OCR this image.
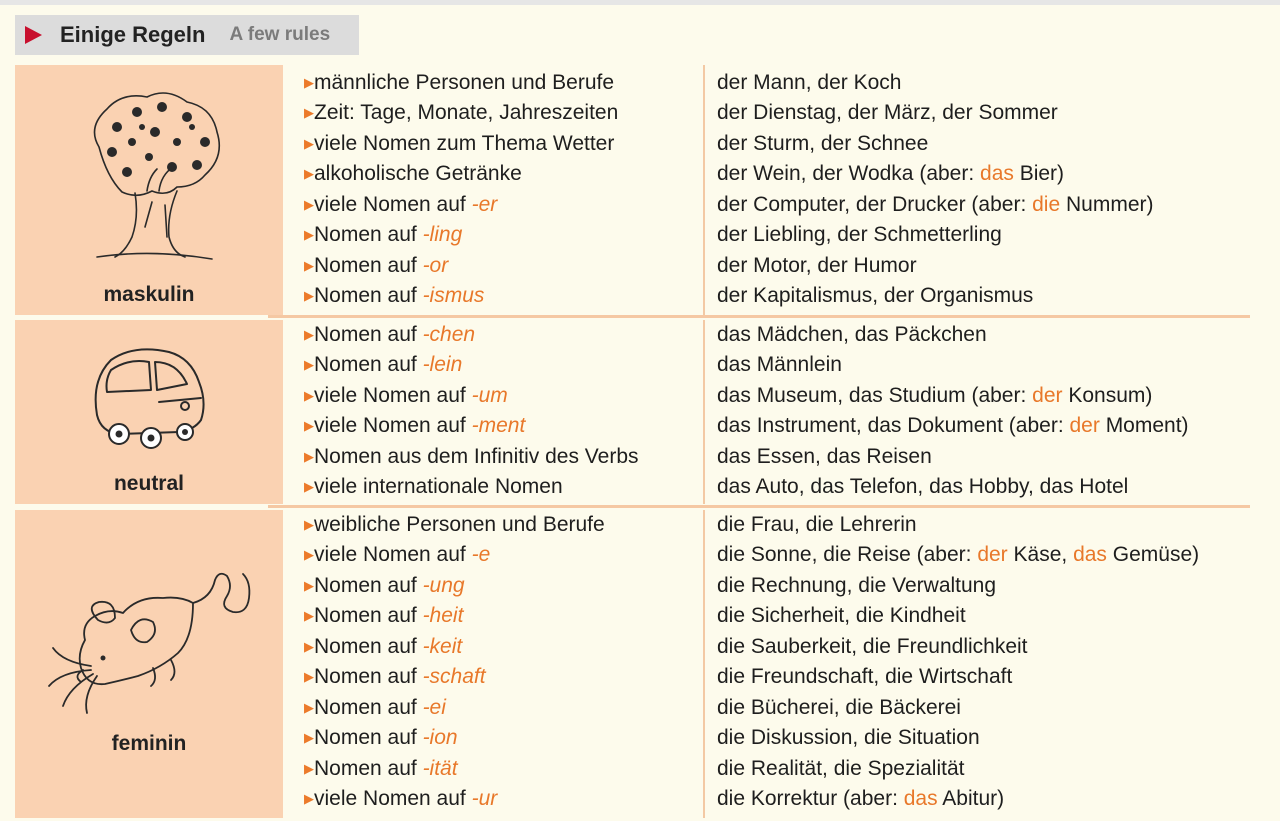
Einige Regeln A few rules
maskulin
▶ männliche Personen und Berufe	der Mann, der Koch
▶ Zeit: Tage, Monate, Jahreszeiten	der Dienstag, der März, der Sommer
▶ viele Nomen zum Thema Wetter	der Sturm, der Schnee
▶ alkoholische Getränke	der Wein, der Wodka (aber: das Bier)
▶ viele Nomen auf -er	der Computer, der Drucker (aber: die Nummer)
▶ Nomen auf -ling	der Liebling, der Schmetterling
▶ Nomen auf -or	der Motor, der Humor
▶ Nomen auf -ismus	der Kapitalismus, der Organismus
neutral
▶ Nomen auf -chen	das Mädchen, das Päckchen
▶ Nomen auf -lein	das Männlein
▶ viele Nomen auf -um	das Museum, das Studium (aber: der Konsum)
▶ viele Nomen auf -ment	das Instrument, das Dokument (aber: der Moment)
▶ Nomen aus dem Infinitiv des Verbs	das Essen, das Reisen
▶ viele internationale Nomen	das Auto, das Telefon, das Hobby, das Hotel
feminin
▶ weibliche Personen und Berufe	die Frau, die Lehrerin
▶ viele Nomen auf -e	die Sonne, die Reise (aber: der Käse, das Gemüse)
▶ Nomen auf -ung	die Rechnung, die Verwaltung
▶ Nomen auf -heit	die Sicherheit, die Kindheit
▶ Nomen auf -keit	die Sauberkeit, die Freundlichkeit
▶ Nomen auf -schaft	die Freundschaft, die Wirtschaft
▶ Nomen auf -ei	die Bücherei, die Bäckerei
▶ Nomen auf -ion	die Diskussion, die Situation
▶ Nomen auf -ität	die Realität, die Spezialität
▶ viele Nomen auf -ur	die Korrektur (aber: das Abitur)
